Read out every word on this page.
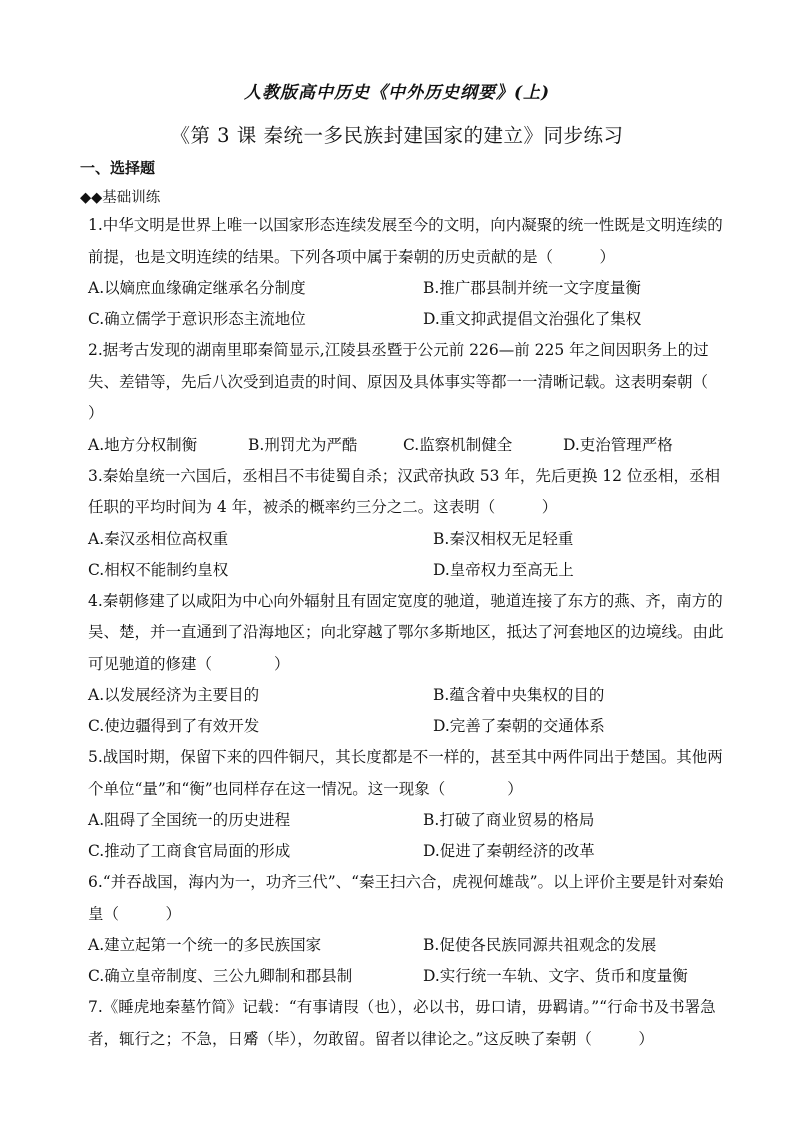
人教版高中历史《中外历史纲要》(上)
《第 3 课 秦统一多民族封建国家的建立》同步练习
一、选择题
◆◆基础训练

1.中华文明是世界上唯一以国家形态连续发展至今的文明，向内凝聚的统一性既是文明连续的前提，也是文明连续的结果。下列各项中属于秦朝的历史贡献的是（　　　）

A.以嫡庶血缘确定继承名分制度	B.推广郡县制并统一文字度量衡
C.确立儒学于意识形态主流地位	D.重文抑武提倡文治强化了集权

2.据考古发现的湖南里耶秦简显示,江陵县丞暨于公元前 226—前 225 年之间因职务上的过失、差错等，先后八次受到追责的时间、原因及具体事实等都一一清晰记载。这表明秦朝（　　　）

A.地方分权制衡	B.刑罚尤为严酷	C.监察机制健全	D.吏治管理严格

3.秦始皇统一六国后，丞相吕不韦徒蜀自杀；汉武帝执政 53 年，先后更换 12 位丞相，丞相任职的平均时间为 4 年，被杀的概率约三分之二。这表明（　　　）

A.秦汉丞相位高权重	B.秦汉相权无足轻重
C.相权不能制约皇权	D.皇帝权力至高无上

4.秦朝修建了以咸阳为中心向外辐射且有固定宽度的驰道，驰道连接了东方的燕、齐，南方的吴、楚，并一直通到了沿海地区；向北穿越了鄂尔多斯地区，抵达了河套地区的边境线。由此可见驰道的修建（　　　　）

A.以发展经济为主要目的	B.蕴含着中央集权的目的
C.使边疆得到了有效开发	D.完善了秦朝的交通体系

5.战国时期，保留下来的四件铜尺，其长度都是不一样的，甚至其中两件同出于楚国。其他两个单位“量”和“衡”也同样存在这一情况。这一现象（　　　　）

A.阻碍了全国统一的历史进程	B.打破了商业贸易的格局
C.推动了工商食官局面的形成	D.促进了秦朝经济的改革

6.“并吞战国，海内为一，功齐三代”、“秦王扫六合，虎视何雄哉”。以上评价主要是针对秦始皇（　　　）

A.建立起第一个统一的多民族国家	B.促使各民族同源共祖观念的发展
C.确立皇帝制度、三公九卿制和郡县制	D.实行统一车轨、文字、货币和度量衡

7.《睡虎地秦墓竹简》记载：“有事请叚（也），必以书，毋口请，毋羁请。”“行命书及书署急者，辄行之；不急，日觱（毕），勿敢留。留者以律论之。”这反映了秦朝（　　　）
